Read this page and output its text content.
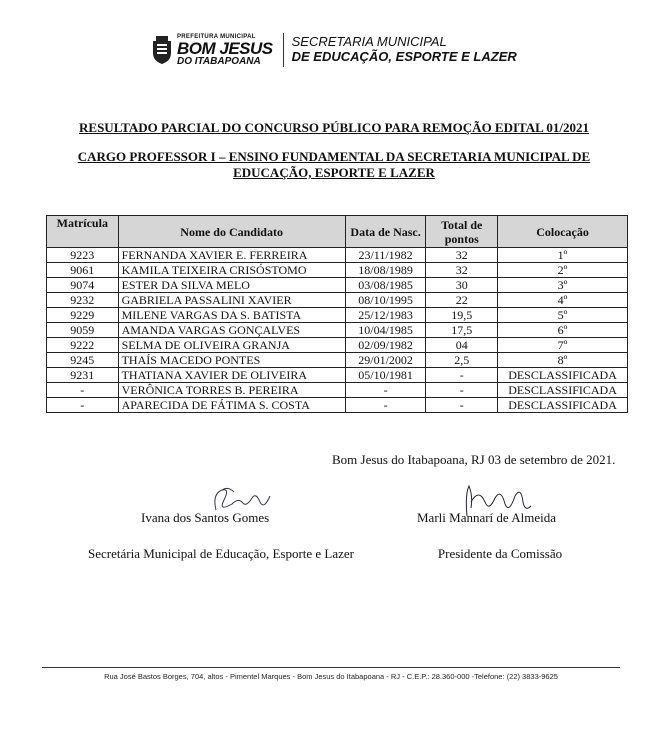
PREFEITURA MUNICIPAL
BOM JESUS
DO ITABAPOANA
SECRETARIA MUNICIPAL
DE EDUCAÇÃO, ESPORTE E LAZER
RESULTADO PARCIAL DO CONCURSO PÚBLICO PARA REMOÇÃO EDITAL 01/2021
CARGO PROFESSOR I – ENSINO FUNDAMENTAL DA SECRETARIA MUNICIPAL DE EDUCAÇÃO, ESPORTE E LAZER
Matrícula	Nome do Candidato	Data de Nasc.	Total de pontos	Colocação
9223	FERNANDA XAVIER E. FERREIRA	23/11/1982	32	1º
9061	KAMILA TEIXEIRA CRISÓSTOMO	18/08/1989	32	2º
9074	ESTER DA SILVA MELO	03/08/1985	30	3º
9232	GABRIELA PASSALINI XAVIER	08/10/1995	22	4º
9229	MILENE VARGAS DA S. BATISTA	25/12/1983	19,5	5º
9059	AMANDA VARGAS GONÇALVES	10/04/1985	17,5	6º
9222	SELMA DE OLIVEIRA GRANJA	02/09/1982	04	7º
9245	THAÍS MACEDO PONTES	29/01/2002	2,5	8º
9231	THATIANA XAVIER DE OLIVEIRA	05/10/1981	-	DESCLASSIFICADA
-	VERÔNICA TORRES B. PEREIRA	-	-	DESCLASSIFICADA
-	APARECIDA DE FÁTIMA S. COSTA	-	-	DESCLASSIFICADA
Bom Jesus do Itabapoana, RJ 03 de setembro de 2021.
Ivana dos Santos Gomes
Secretária Municipal de Educação, Esporte e Lazer
Marli Mannarí de Almeida
Presidente da Comissão
Rua José Bastos Borges, 704, altos - Pimentel Marques - Bom Jesus do Itabapoana - RJ - C.E.P.: 28.360-000 -Telefone: (22) 3833-9625
